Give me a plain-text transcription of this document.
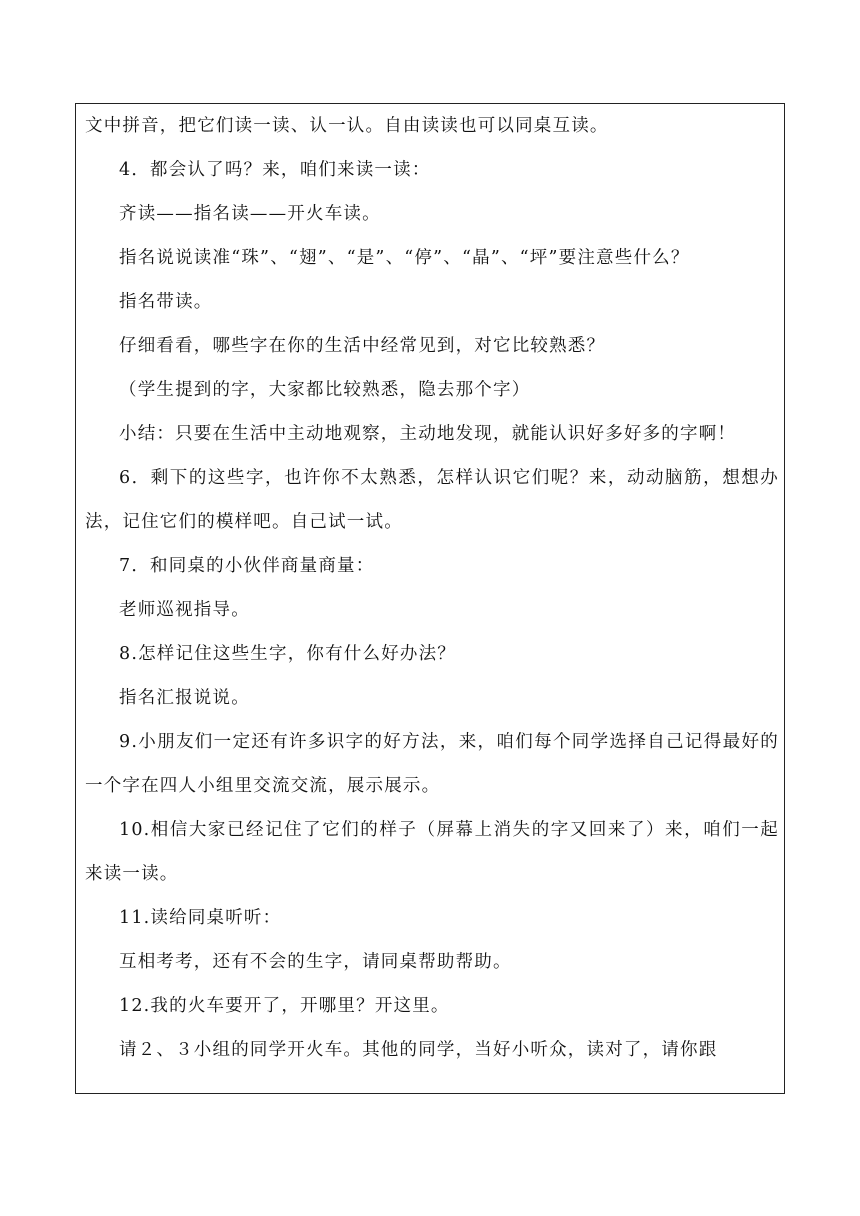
文中拼音，把它们读一读、认一认。自由读读也可以同桌互读。

4．都会认了吗？来，咱们来读一读：

齐读——指名读——开火车读。

指名说说读准“珠”、“翅”、“是”、“停”、“晶”、“坪”要注意些什么？

指名带读。

仔细看看，哪些字在你的生活中经常见到，对它比较熟悉？

（学生提到的字，大家都比较熟悉，隐去那个字）

小结：只要在生活中主动地观察，主动地发现，就能认识好多好多的字啊！

6．剩下的这些字，也许你不太熟悉，怎样认识它们呢？来，动动脑筋，想想办法，记住它们的模样吧。自己试一试。

7．和同桌的小伙伴商量商量：

老师巡视指导。

8.怎样记住这些生字，你有什么好办法？

指名汇报说说。

9.小朋友们一定还有许多识字的好方法，来，咱们每个同学选择自己记得最好的一个字在四人小组里交流交流，展示展示。

10.相信大家已经记住了它们的样子（屏幕上消失的字又回来了）来，咱们一起来读一读。

11.读给同桌听听：

互相考考，还有不会的生字，请同桌帮助帮助。

12.我的火车要开了，开哪里？开这里。

请２、３小组的同学开火车。其他的同学，当好小听众，读对了，请你跟
